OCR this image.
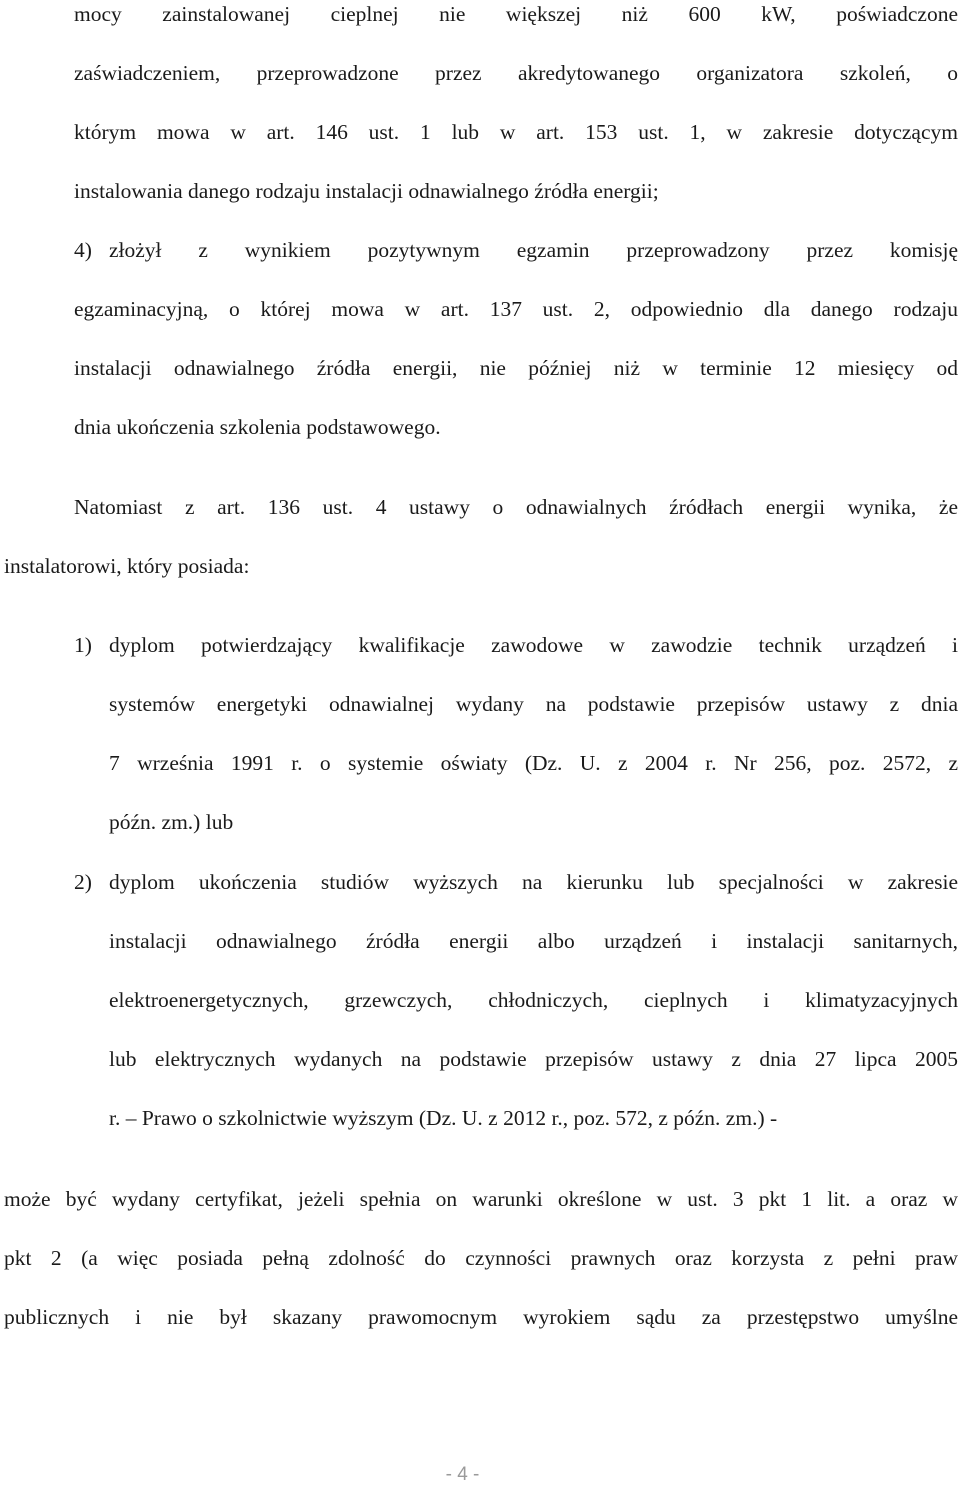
mocy zainstalowanej cieplnej nie większej niż 600 kW, poświadczone
zaświadczeniem, przeprowadzone przez akredytowanego organizatora szkoleń, o
którym mowa w art. 146 ust. 1 lub w art. 153 ust. 1, w zakresie dotyczącym
instalowania danego rodzaju instalacji odnawialnego źródła energii;
4) złożył z wynikiem pozytywnym egzamin przeprowadzony przez komisję
egzaminacyjną, o której mowa w art. 137 ust. 2, odpowiednio dla danego rodzaju
instalacji odnawialnego źródła energii, nie później niż w terminie 12 miesięcy od
dnia ukończenia szkolenia podstawowego.
Natomiast z art. 136 ust. 4 ustawy o odnawialnych źródłach energii wynika, że
instalatorowi, który posiada:
1) dyplom potwierdzający kwalifikacje zawodowe w zawodzie technik urządzeń i
systemów energetyki odnawialnej wydany na podstawie przepisów ustawy z dnia
7 września 1991 r. o systemie oświaty (Dz. U. z 2004 r. Nr 256, poz. 2572, z
późn. zm.) lub
2) dyplom ukończenia studiów wyższych na kierunku lub specjalności w zakresie
instalacji odnawialnego źródła energii albo urządzeń i instalacji sanitarnych,
elektroenergetycznych, grzewczych, chłodniczych, cieplnych i klimatyzacyjnych
lub elektrycznych wydanych na podstawie przepisów ustawy z dnia 27 lipca 2005
r. – Prawo o szkolnictwie wyższym (Dz. U. z 2012 r., poz. 572, z późn. zm.) -
może być wydany certyfikat, jeżeli spełnia on warunki określone w ust. 3 pkt 1 lit. a oraz w
pkt 2 (a więc posiada pełną zdolność do czynności prawnych oraz korzysta z pełni praw
publicznych i nie był skazany prawomocnym wyrokiem sądu za przestępstwo umyślne
- 4 -
